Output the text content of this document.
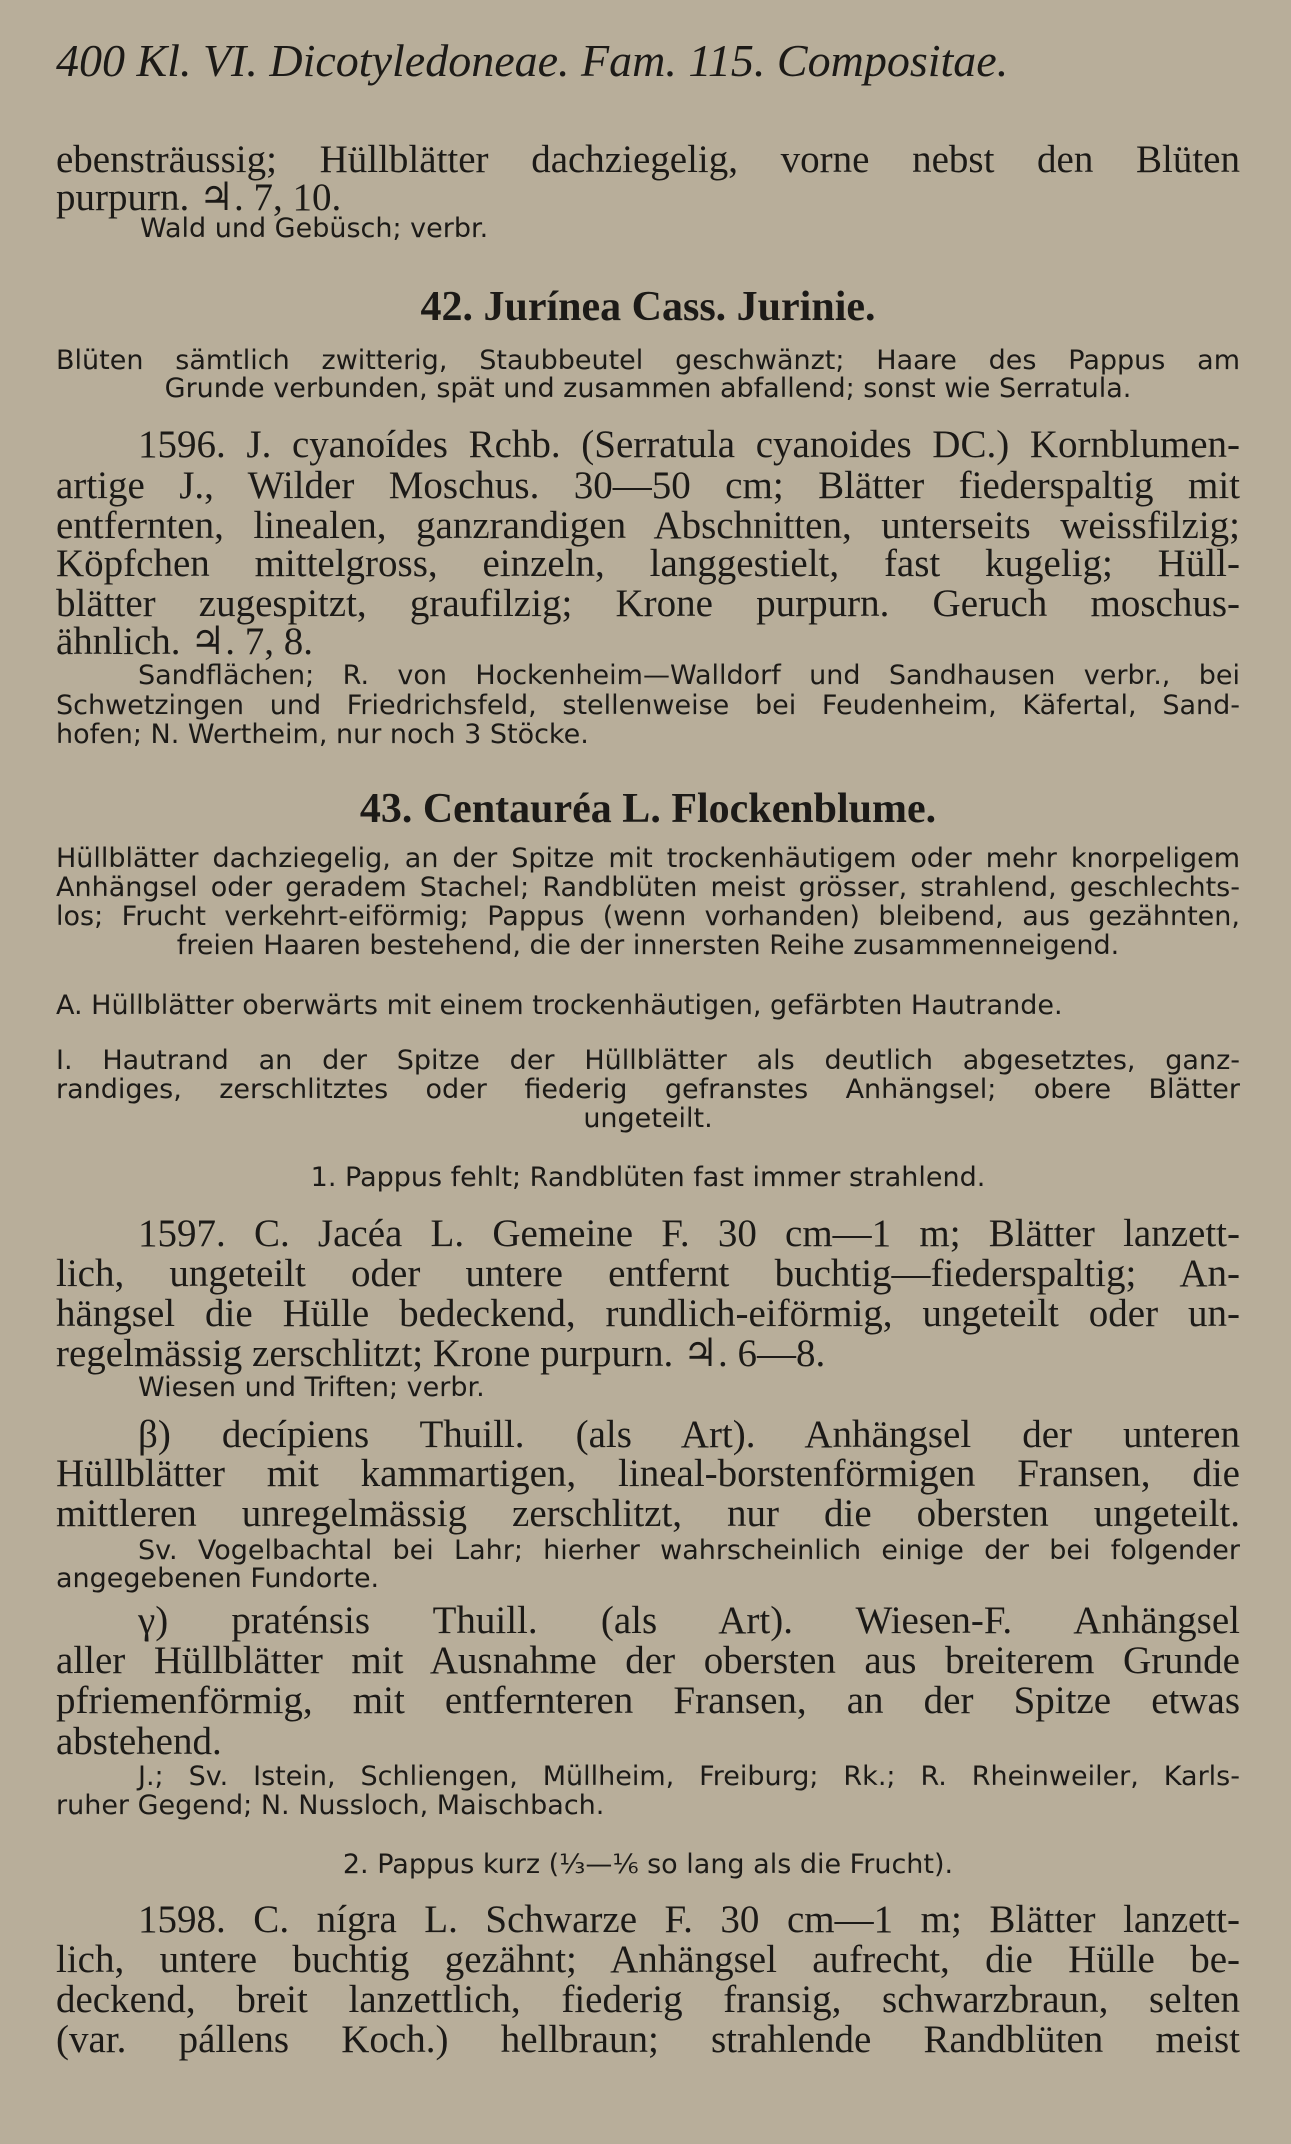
400 Kl. VI. Dicotyledoneae. Fam. 115. Compositae.
ebensträussig; Hüllblätter dachziegelig, vorne nebst den Blüten
purpurn. ♃. 7, 10.
Wald und Gebüsch; verbr.
42. Jurínea Cass. Jurinie.
Blüten sämtlich zwitterig, Staubbeutel geschwänzt; Haare des Pappus am
Grunde verbunden, spät und zusammen abfallend; sonst wie Serratula.
1596. J. cyanoídes Rchb. (Serratula cyanoides DC.) Kornblumen-
artige J., Wilder Moschus. 30—50 cm; Blätter fiederspaltig mit
entfernten, linealen, ganzrandigen Abschnitten, unterseits weissfilzig;
Köpfchen mittelgross, einzeln, langgestielt, fast kugelig; Hüll-
blätter zugespitzt, graufilzig; Krone purpurn. Geruch moschus-
ähnlich. ♃. 7, 8.
Sandflächen; R. von Hockenheim—Walldorf und Sandhausen verbr., bei
Schwetzingen und Friedrichsfeld, stellenweise bei Feudenheim, Käfertal, Sand-
hofen; N. Wertheim, nur noch 3 Stöcke.
43. Centauréa L. Flockenblume.
Hüllblätter dachziegelig, an der Spitze mit trockenhäutigem oder mehr knorpeligem
Anhängsel oder geradem Stachel; Randblüten meist grösser, strahlend, geschlechts-
los; Frucht verkehrt-eiförmig; Pappus (wenn vorhanden) bleibend, aus gezähnten,
freien Haaren bestehend, die der innersten Reihe zusammenneigend.
A. Hüllblätter oberwärts mit einem trockenhäutigen, gefärbten Hautrande.
I. Hautrand an der Spitze der Hüllblätter als deutlich abgesetztes, ganz-
randiges, zerschlitztes oder fiederig gefranstes Anhängsel; obere Blätter
ungeteilt.
1. Pappus fehlt; Randblüten fast immer strahlend.
1597. C. Jacéa L. Gemeine F. 30 cm—1 m; Blätter lanzett-
lich, ungeteilt oder untere entfernt buchtig—fiederspaltig; An-
hängsel die Hülle bedeckend, rundlich-eiförmig, ungeteilt oder un-
regelmässig zerschlitzt; Krone purpurn. ♃. 6—8.
Wiesen und Triften; verbr.
β) decípiens Thuill. (als Art). Anhängsel der unteren
Hüllblätter mit kammartigen, lineal-borstenförmigen Fransen, die
mittleren unregelmässig zerschlitzt, nur die obersten ungeteilt.
Sv. Vogelbachtal bei Lahr; hierher wahrscheinlich einige der bei folgender
angegebenen Fundorte.
γ) praténsis Thuill. (als Art). Wiesen-F. Anhängsel
aller Hüllblätter mit Ausnahme der obersten aus breiterem Grunde
pfriemenförmig, mit entfernteren Fransen, an der Spitze etwas
abstehend.
J.; Sv. Istein, Schliengen, Müllheim, Freiburg; Rk.; R. Rheinweiler, Karls-
ruher Gegend; N. Nussloch, Maischbach.
2. Pappus kurz (⅓—⅙ so lang als die Frucht).
1598. C. nígra L. Schwarze F. 30 cm—1 m; Blätter lanzett-
lich, untere buchtig gezähnt; Anhängsel aufrecht, die Hülle be-
deckend, breit lanzettlich, fiederig fransig, schwarzbraun, selten
(var. pállens Koch.) hellbraun; strahlende Randblüten meist
